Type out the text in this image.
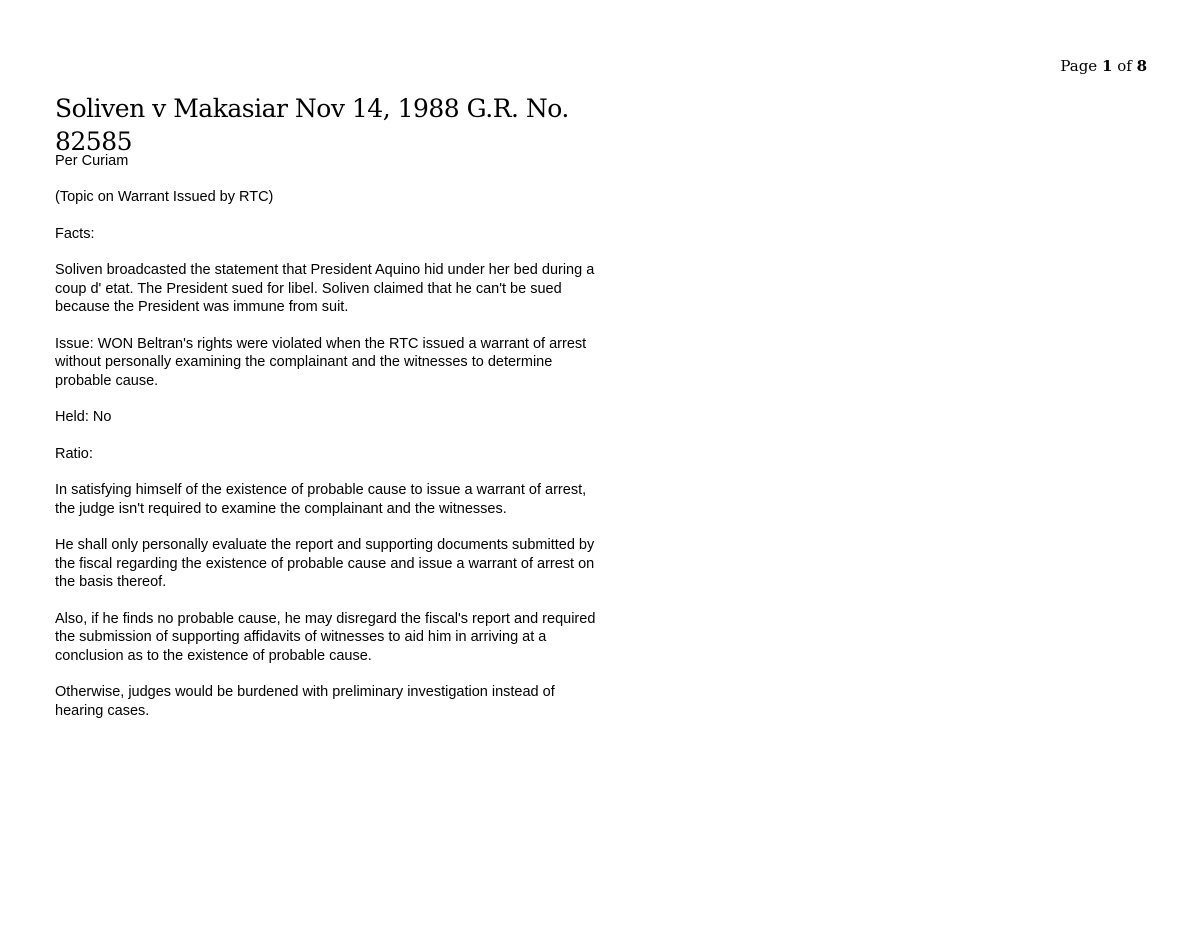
Page 1 of 8
Soliven v Makasiar Nov 14, 1988 G.R. No. 82585

Per Curiam

(Topic on Warrant Issued by RTC)

Facts:

Soliven broadcasted the statement that President Aquino hid under her bed during a coup d' etat. The President sued for libel. Soliven claimed that he can't be sued because the President was immune from suit.

Issue: WON Beltran's rights were violated when the RTC issued a warrant of arrest without personally examining the complainant and the witnesses to determine probable cause.

Held: No

Ratio:

In satisfying himself of the existence of probable cause to issue a warrant of arrest, the judge isn't required to examine the complainant and the witnesses.

He shall only personally evaluate the report and supporting documents submitted by the fiscal regarding the existence of probable cause and issue a warrant of arrest on the basis thereof.

Also, if he finds no probable cause, he may disregard the fiscal's report and required the submission of supporting affidavits of witnesses to aid him in arriving at a conclusion as to the existence of probable cause.

Otherwise, judges would be burdened with preliminary investigation instead of hearing cases.
